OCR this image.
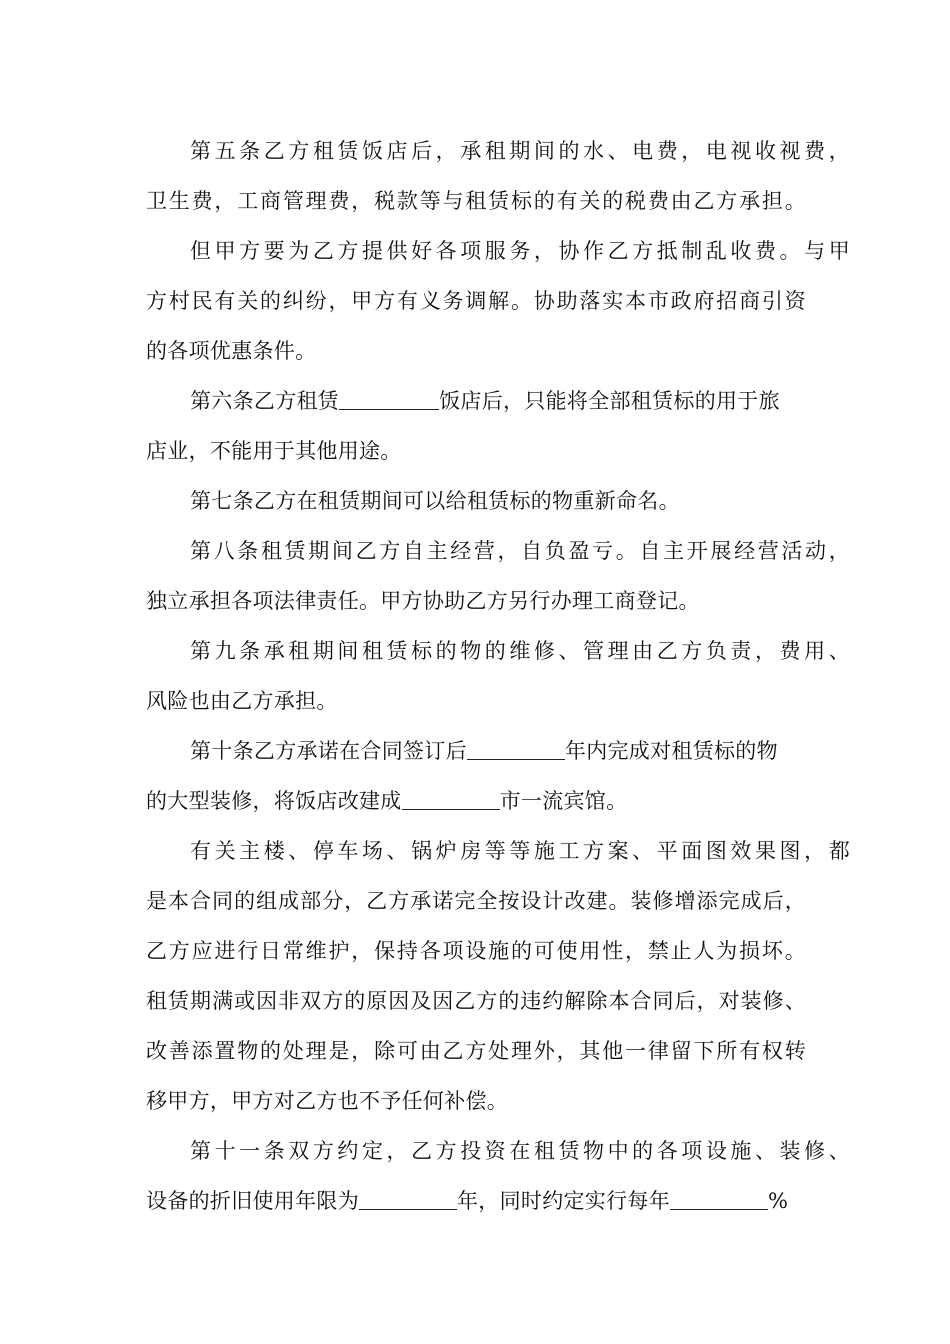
第五条乙方租赁饭店后，承租期间的水、电费，电视收视费，
卫生费，工商管理费，税款等与租赁标的有关的税费由乙方承担。
但甲方要为乙方提供好各项服务，协作乙方抵制乱收费。与甲
方村民有关的纠纷，甲方有义务调解。协助落实本市政府招商引资
的各项优惠条件。
第六条乙方租赁	饭店后，只能将全部租赁标的用于旅
店业，不能用于其他用途。
第七条乙方在租赁期间可以给租赁标的物重新命名。
第八条租赁期间乙方自主经营，自负盈亏。自主开展经营活动，
独立承担各项法律责任。甲方协助乙方另行办理工商登记。
第九条承租期间租赁标的物的维修、管理由乙方负责，费用、
风险也由乙方承担。
第十条乙方承诺在合同签订后	年内完成对租赁标的物
的大型装修，将饭店改建成	市一流宾馆。
有关主楼、停车场、锅炉房等等施工方案、平面图效果图，都
是本合同的组成部分，乙方承诺完全按设计改建。装修增添完成后，
乙方应进行日常维护，保持各项设施的可使用性，禁止人为损坏。
租赁期满或因非双方的原因及因乙方的违约解除本合同后，对装修、
改善添置物的处理是，除可由乙方处理外，其他一律留下所有权转
移甲方，甲方对乙方也不予任何补偿。
第十一条双方约定，乙方投资在租赁物中的各项设施、装修、
设备的折旧使用年限为	年，同时约定实行每年	%
